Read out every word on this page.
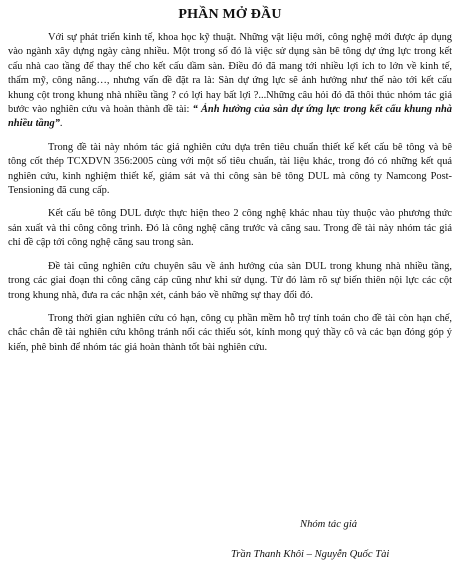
PHẦN MỞ ĐẦU

Với sự phát triển kinh tế, khoa học kỹ thuật. Những vật liệu mới, công nghệ mới được áp dụng vào ngành xây dựng ngày càng nhiều. Một trong số đó là việc sử dụng sàn bê tông dự ứng lực trong kết cấu nhà cao tầng để thay thế cho kết cấu dầm sàn. Điều đó đã mang tới nhiều lợi ích to lớn về kinh tế, thẩm mỹ, công năng…, nhưng vấn đề đặt ra là: Sàn dự ứng lực sẽ ảnh hưởng như thế nào tới kết cấu khung cột trong khung nhà nhiều tầng ? có lợi hay bất lợi ?...Những câu hỏi đó đã thôi thúc nhóm tác giả bước vào nghiên cứu và hoàn thành đề tài: “ Ảnh hưởng của sàn dự ứng lực trong kết cấu khung nhà nhiều tầng”.

Trong đề tài này nhóm tác giả nghiên cứu dựa trên tiêu chuẩn thiết kế kết cấu bê tông và bê tông cốt thép TCXDVN 356:2005 cùng với một số tiêu chuẩn, tài liệu khác, trong đó có những kết quả nghiên cứu, kinh nghiệm thiết kế, giám sát và thi công sàn bê tông DUL mà công ty Namcong Post-Tensioning đã cung cấp.

Kết cấu bê tông DUL được thực hiện theo 2 công nghệ khác nhau tùy thuộc vào phương thức sản xuất và thi công công trình. Đó là công nghệ căng trước và căng sau. Trong đề tài này nhóm tác giả chỉ đề cập tới công nghệ căng sau trong sàn.

Đề tài cũng nghiên cứu chuyên sâu về ảnh hưởng của sàn DUL trong khung nhà nhiều tầng, trong các giai đoạn thi công căng cáp cũng như khi sử dụng. Từ đó làm rõ sự biến thiên nội lực các cột trong khung nhà, đưa ra các nhận xét, cảnh báo về những sự thay đổi đó.

Trong thời gian nghiên cứu có hạn, công cụ phần mềm hỗ trợ tính toán cho đề tài còn hạn chế, chắc chắn đề tài nghiên cứu không tránh nổi các thiếu sót, kính mong quý thầy cô và các bạn đóng góp ý kiến, phê bình để nhóm tác giả hoàn thành tốt bài nghiên cứu.

Nhóm tác giả
Trần Thanh Khôi – Nguyễn Quốc Tài
